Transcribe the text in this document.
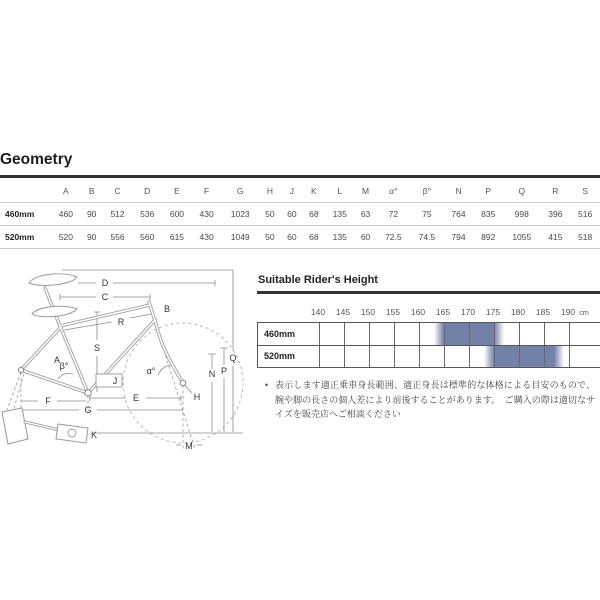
Geometry
	A	B	C	D	E	F	G	H	J	K	L	M	α°	β°	N	P	Q	R	S
460mm	460	90	512	536	600	430	1023	50	60	68	135	63	72	75	764	835	998	396	516
520mm	520	90	556	560	615	430	1049	50	60	68	135	60	72.5	74.5	794	892	1055	415	518
A
B
C
D
E
F
G
H
J
K
M
N P
Q
R
S
α°
β°
Suitable Rider's Height
140 145 150 155 160 165 170 175 180 185 190 cm
460mm
520mm
• 表示します適正乗車身長範囲、適正身長は標準的な体格による目安のもので、腕や脚の長さの個人差により前後することがあります。　ご購入の際は適切なサイズを販売店へご相談ください
